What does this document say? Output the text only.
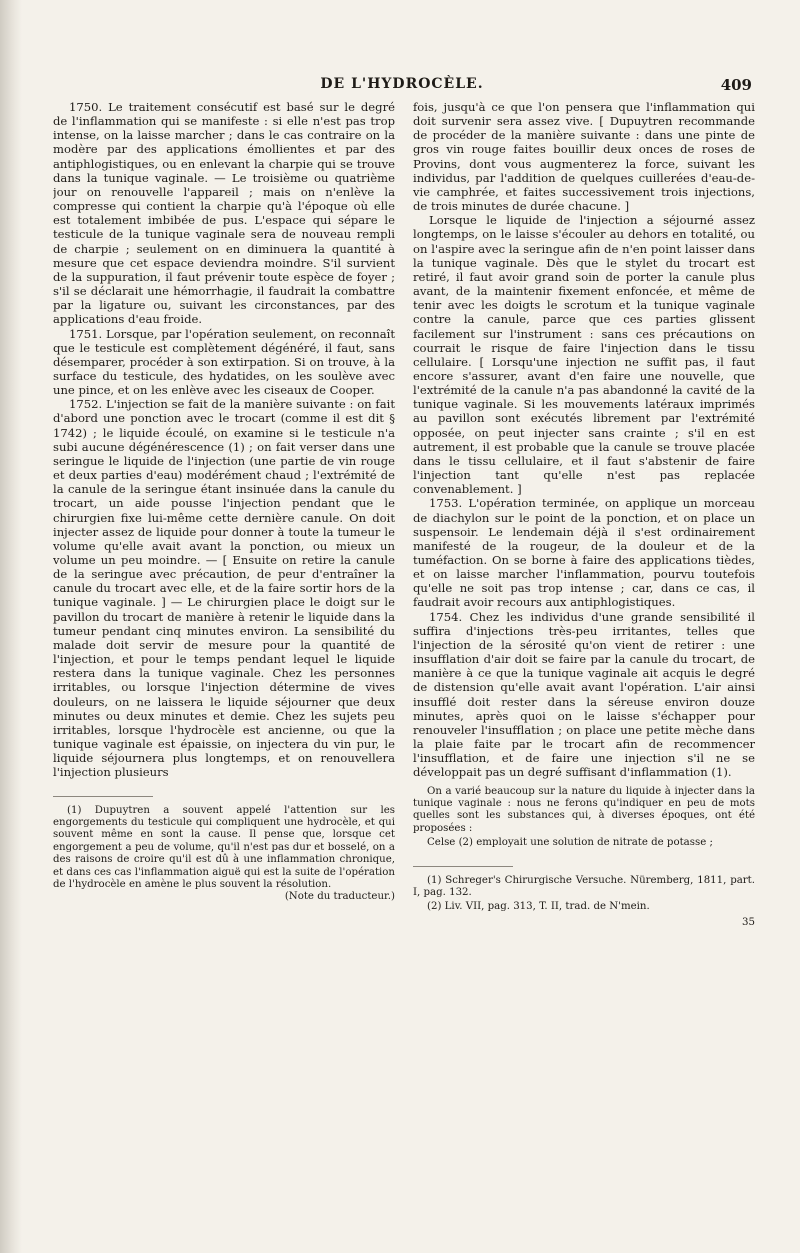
DE L'HYDROCÈLE.	409

1750. Le traitement consécutif est basé sur le degré de l'inflammation qui se manifeste : si elle n'est pas trop intense, on la laisse marcher ; dans le cas contraire on la modère par des applications émollientes et par des antiphlogistiques, ou en enlevant la charpie qui se trouve dans la tunique vaginale. — Le troisième ou quatrième jour on renouvelle l'appareil ; mais on n'enlève la compresse qui contient la charpie qu'à l'époque où elle est totalement imbibée de pus. L'espace qui sépare le testicule de la tunique vaginale sera de nouveau rempli de charpie ; seulement on en diminuera la quantité à mesure que cet espace deviendra moindre. S'il survient de la suppuration, il faut prévenir toute espèce de foyer ; s'il se déclarait une hémorrhagie, il faudrait la combattre par la ligature ou, suivant les circonstances, par des applications d'eau froide.

1751. Lorsque, par l'opération seulement, on reconnaît que le testicule est complètement dégénéré, il faut, sans désemparer, procéder à son extirpation. Si on trouve, à la surface du testicule, des hydatides, on les soulève avec une pince, et on les enlève avec les ciseaux de Cooper.

1752. L'injection se fait de la manière suivante : on fait d'abord une ponction avec le trocart (comme il est dit § 1742) ; le liquide écoulé, on examine si le testicule n'a subi aucune dégénérescence (1) ; on fait verser dans une seringue le liquide de l'injection (une partie de vin rouge et deux parties d'eau) modérément chaud ; l'extrémité de la canule de la seringue étant insinuée dans la canule du trocart, un aide pousse l'injection pendant que le chirurgien fixe lui-même cette dernière canule. On doit injecter assez de liquide pour donner à toute la tumeur le volume qu'elle avait avant la ponction, ou mieux un volume un peu moindre. — [ Ensuite on retire la canule de la seringue avec précaution, de peur d'entraîner la canule du trocart avec elle, et de la faire sortir hors de la tunique vaginale. ] — Le chirurgien place le doigt sur le pavillon du trocart de manière à retenir le liquide dans la tumeur pendant cinq minutes environ. La sensibilité du malade doit servir de mesure pour la quantité de l'injection, et pour le temps pendant lequel le liquide restera dans la tunique vaginale. Chez les personnes irritables, ou lorsque l'injection détermine de vives douleurs, on ne laissera le liquide séjourner que deux minutes ou deux minutes et demie. Chez les sujets peu irritables, lorsque l'hydrocèle est ancienne, ou que la tunique vaginale est épaissie, on injectera du vin pur, le liquide séjournera plus longtemps, et on renouvellera l'injection plusieurs

(1) Dupuytren a souvent appelé l'attention sur les engorgements du testicule qui compliquent une hydrocèle, et qui souvent même en sont la cause. Il pense que, lorsque cet engorgement a peu de volume, qu'il n'est pas dur et bosselé, on a des raisons de croire qu'il est dû à une inflammation chronique, et dans ces cas l'inflammation aiguë qui est la suite de l'opération de l'hydrocèle en amène le plus souvent la résolution.
(Note du traducteur.)

fois, jusqu'à ce que l'on pensera que l'inflammation qui doit survenir sera assez vive. [ Dupuytren recommande de procéder de la manière suivante : dans une pinte de gros vin rouge faites bouillir deux onces de roses de Provins, dont vous augmenterez la force, suivant les individus, par l'addition de quelques cuillerées d'eau-de-vie camphrée, et faites successivement trois injections, de trois minutes de durée chacune. ]

Lorsque le liquide de l'injection a séjourné assez longtemps, on le laisse s'écouler au dehors en totalité, ou on l'aspire avec la seringue afin de n'en point laisser dans la tunique vaginale. Dès que le stylet du trocart est retiré, il faut avoir grand soin de porter la canule plus avant, de la maintenir fixement enfoncée, et même de tenir avec les doigts le scrotum et la tunique vaginale contre la canule, parce que ces parties glissent facilement sur l'instrument : sans ces précautions on courrait le risque de faire l'injection dans le tissu cellulaire. [ Lorsqu'une injection ne suffit pas, il faut encore s'assurer, avant d'en faire une nouvelle, que l'extrémité de la canule n'a pas abandonné la cavité de la tunique vaginale. Si les mouvements latéraux imprimés au pavillon sont exécutés librement par l'extrémité opposée, on peut injecter sans crainte ; s'il en est autrement, il est probable que la canule se trouve placée dans le tissu cellulaire, et il faut s'abstenir de faire l'injection tant qu'elle n'est pas replacée convenablement. ]

1753. L'opération terminée, on applique un morceau de diachylon sur le point de la ponction, et on place un suspensoir. Le lendemain déjà il s'est ordinairement manifesté de la rougeur, de la douleur et de la tuméfaction. On se borne à faire des applications tièdes, et on laisse marcher l'inflammation, pourvu toutefois qu'elle ne soit pas trop intense ; car, dans ce cas, il faudrait avoir recours aux antiphlogistiques.

1754. Chez les individus d'une grande sensibilité il suffira d'injections très-peu irritantes, telles que l'injection de la sérosité qu'on vient de retirer : une insufflation d'air doit se faire par la canule du trocart, de manière à ce que la tunique vaginale ait acquis le degré de distension qu'elle avait avant l'opération. L'air ainsi insufflé doit rester dans la séreuse environ douze minutes, après quoi on le laisse s'échapper pour renouveler l'insufflation ; on place une petite mèche dans la plaie faite par le trocart afin de recommencer l'insufflation, et de faire une injection s'il ne se développait pas un degré suffisant d'inflammation (1).

On a varié beaucoup sur la nature du liquide à injecter dans la tunique vaginale : nous ne ferons qu'indiquer en peu de mots quelles sont les substances qui, à diverses époques, ont été proposées :

Celse (2) employait une solution de nitrate de potasse ;

(1) Schreger's Chirurgische Versuche. Nüremberg, 1811, part. I, pag. 132.

(2) Liv. VII, pag. 313, T. II, trad. de N'mein.

35
